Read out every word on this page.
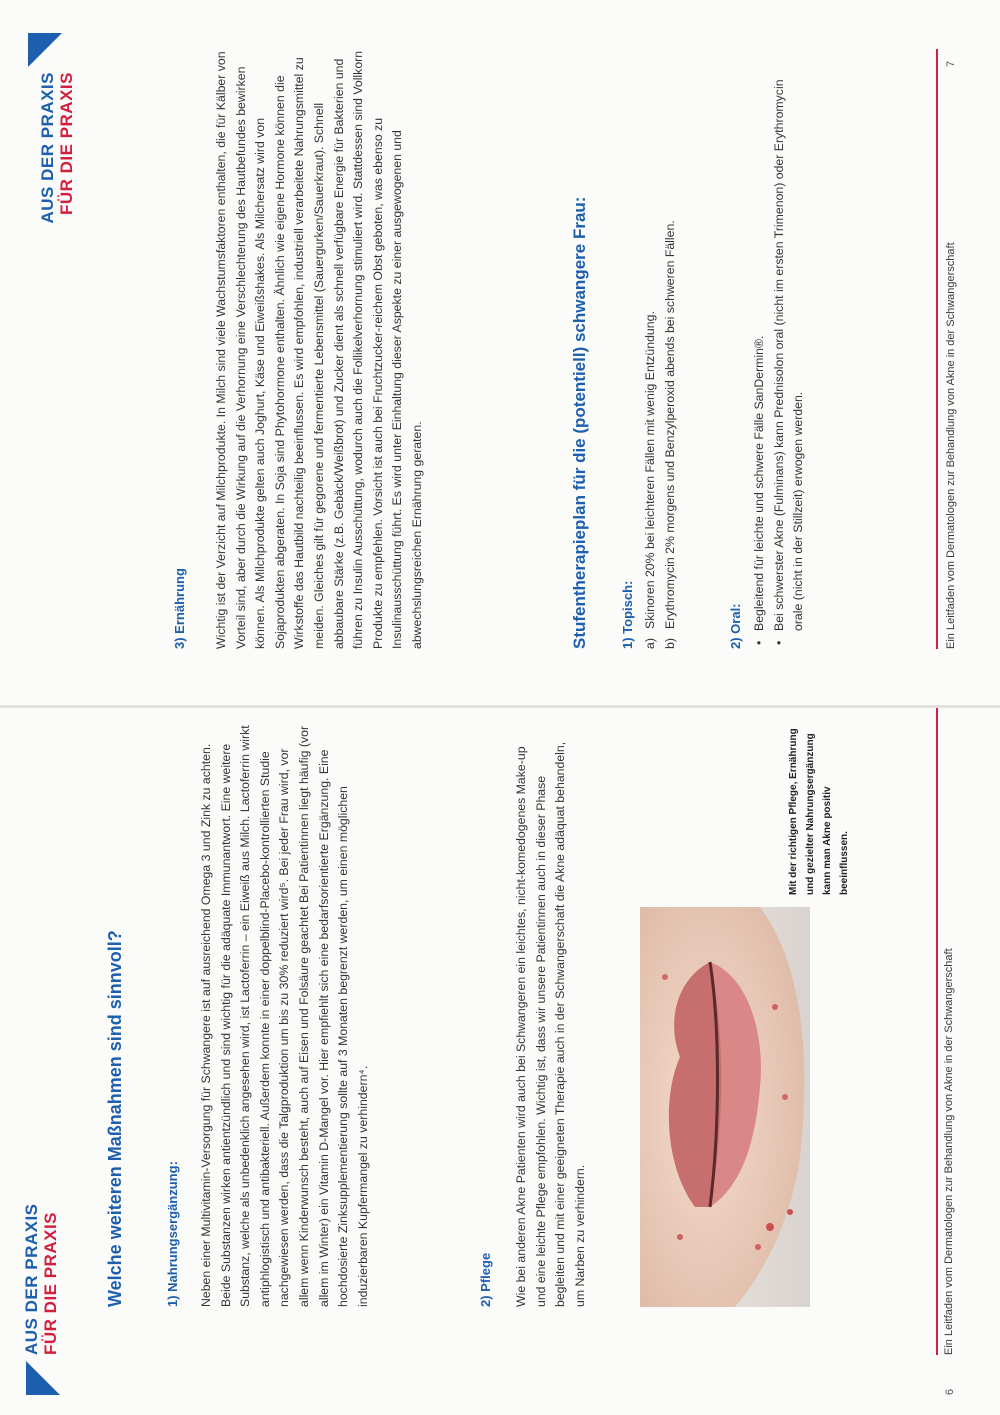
AUS DER PRAXIS FÜR DIE PRAXIS	Welche weiteren Maßnahmen sind sinnvoll?	1) Nahrungsergänzung: Neben einer Multivitamin-Versorgung für Schwangere ist auf ausreichend Omega 3 und Zink zu achten. Beide Substanzen wirken antientzündlich und sind wichtig für die adäquate Immunantwort. Eine weitere Substanz, welche als unbedenklich angesehen wird, ist Lactoferrin – ein Eiweiß aus Milch. Lactoferrin wirkt antiphlogistisch und antibakteriell. Außerdem konnte in einer doppelblind-Placebo-kontrollierten Studie nachgewiesen werden, dass die Talgproduktion um bis zu 30% reduziert wird⁵. Bei jeder Frau wird, vor allem wenn Kinderwunsch besteht, auch auf Eisen und Folsäure geachtet Bei Patientinnen liegt häufig (vor allem im Winter) ein Vitamin D-Mangel vor. Hier empfiehlt sich eine bedarfsorientierte Ergänzung. Eine hochdosierte Zinksupplementierung sollte auf 3 Monaten begrenzt werden, um einen möglichen induzierbaren Kupfermangel zu verhindern⁴.	2) Pflege Wie bei anderen Akne Patienten wird auch bei Schwangeren ein leichtes, nicht-komedogenes Make-up und eine leichte Pflege empfohlen. Wichtig ist, dass wir unsere Patientinnen auch in dieser Phase begleiten und mit einer geeigneten Therapie auch in der Schwangerschaft die Akne adäquat behandeln, um Narben zu verhindern.
Mit der richtigen Pflege, Ernährung und gezielter Nahrungsergänzung kann man Akne positiv beeinflussen.
Ein Leitfaden vom Dermatologen zur Behandlung von Akne in der Schwangerschaft
6
AUS DER PRAXIS FÜR DIE PRAXIS
3) Ernährung Wichtig ist der Verzicht auf Milchprodukte. In Milch sind viele Wachstumsfaktoren enthalten, die für Kälber von Vorteil sind, aber durch die Wirkung auf die Verhornung eine Verschlechterung des Hautbefundes bewirken können. Als Milchprodukte gelten auch Joghurt, Käse und Eiweißshakes. Als Milchersatz wird von Sojaprodukten abgeraten. In Soja sind Phytohormone enthalten. Ähnlich wie eigene Hormone können die Wirkstoffe das Hautbild nachteilig beeinflussen. Es wird empfohlen, industriell verarbeitete Nahrungsmittel zu meiden. Gleiches gilt für gegorene und fermentierte Lebensmittel (Sauergurken/Sauerkraut). Schnell abbaubare Stärke (z.B. Gebäck/Weißbrot) und Zucker dient als schnell verfügbare Energie für Bakterien und führen zu Insulin Ausschüttung, wodurch auch die Follikelverhornung stimuliert wird. Stattdessen sind Vollkorn Produkte zu empfehlen. Vorsicht ist auch bei Fruchtzucker-reichem Obst geboten, was ebenso zu Insulinausschüttung führt. Es wird unter Einhaltung dieser Aspekte zu einer ausgewogenen und abwechslungsreichen Ernährung geraten.	Stufentherapieplan für die (potentiell) schwangere Frau: 1) Topisch: a)
Skinoren 20% bei leichteren Fällen mit wenig Entzündung.
b)
Erythromycin 2% morgens und Benzylperoxid abends bei schweren Fällen.	2) Oral: • Begleitend für leichte und schwere Fälle SanDermin®. • Bei schwerster Akne (Fulminans) kann Prednisolon oral (nicht im ersten Trimenon) oder Erythromycin orale (nicht in der Stillzeit) erwogen werden.	Ein Leitfaden vom Dermatologen zur Behandlung von Akne in der Schwangerschaft
7
